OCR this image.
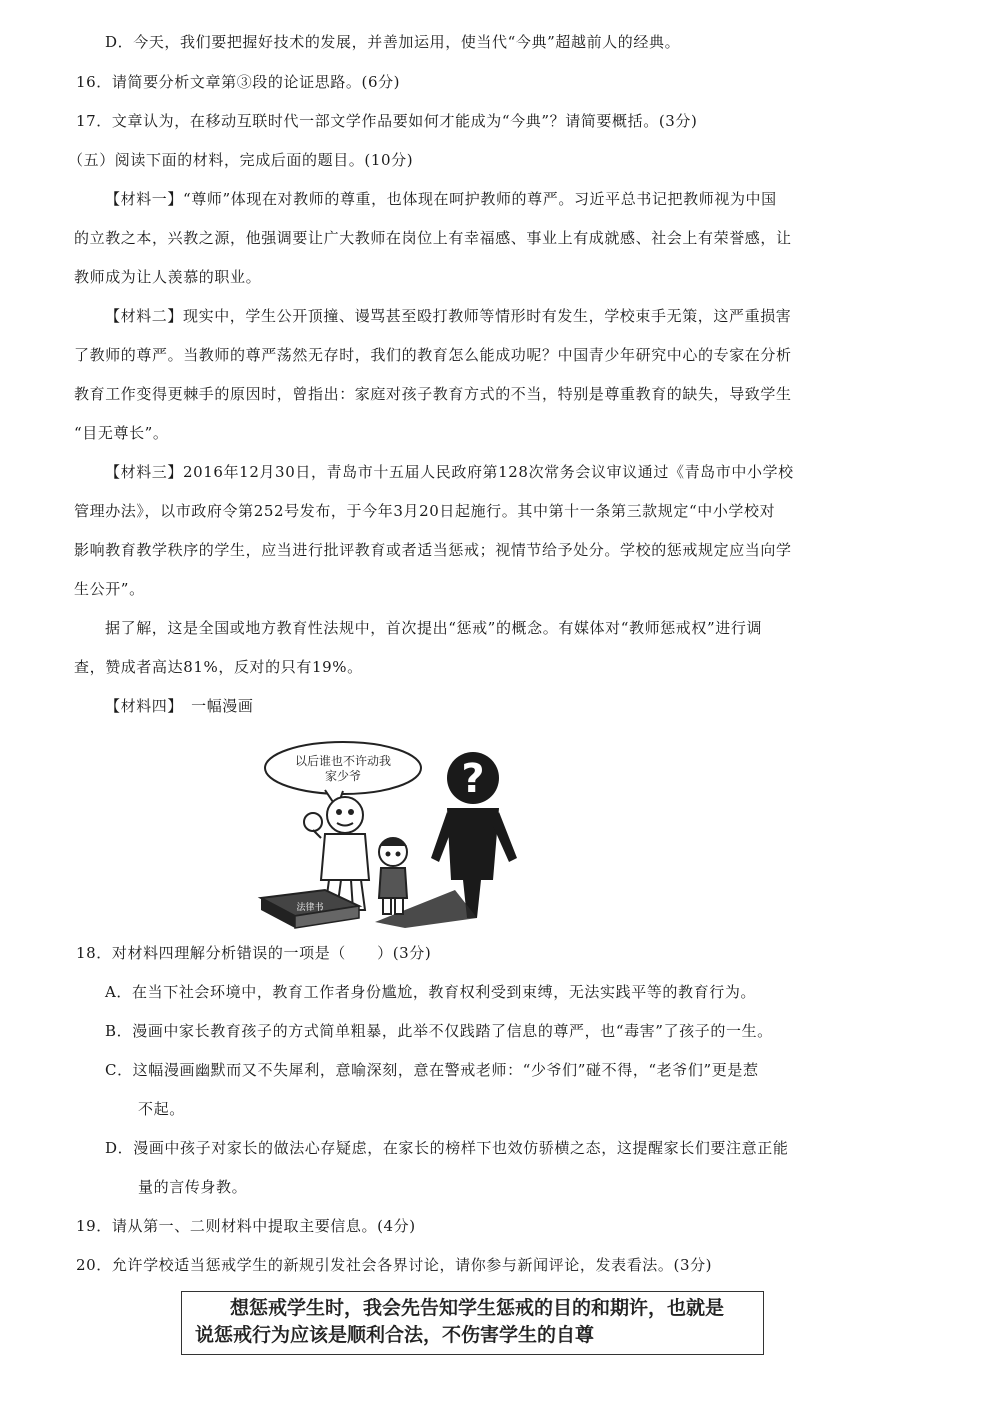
D．今天，我们要把握好技术的发展，并善加运用，使当代“今典”超越前人的经典。
16．请简要分析文章第③段的论证思路。(6分)
17．文章认为，在移动互联时代一部文学作品要如何才能成为“今典”？请简要概括。(3分)
（五）阅读下面的材料，完成后面的题目。(10分)
【材料一】“尊师”体现在对教师的尊重，也体现在呵护教师的尊严。习近平总书记把教师视为中国
的立教之本，兴教之源，他强调要让广大教师在岗位上有幸福感、事业上有成就感、社会上有荣誉感，让
教师成为让人羡慕的职业。
【材料二】现实中，学生公开顶撞、谩骂甚至殴打教师等情形时有发生，学校束手无策，这严重损害
了教师的尊严。当教师的尊严荡然无存时，我们的教育怎么能成功呢？中国青少年研究中心的专家在分析
教育工作变得更棘手的原因时，曾指出：家庭对孩子教育方式的不当，特别是尊重教育的缺失，导致学生
“目无尊长”。
【材料三】2016年12月30日，青岛市十五届人民政府第128次常务会议审议通过《青岛市中小学校
管理办法》，以市政府令第252号发布，于今年3月20日起施行。其中第十一条第三款规定“中小学校对
影响教育教学秩序的学生，应当进行批评教育或者适当惩戒；视情节给予处分。学校的惩戒规定应当向学
生公开”。
据了解，这是全国或地方教育性法规中，首次提出“惩戒”的概念。有媒体对“教师惩戒权”进行调
查，赞成者高达81%，反对的只有19%。
【材料四】　一幅漫画
以后谁也不许动我
家少爷	?
法律书
18．对材料四理解分析错误的一项是（　　）(3分)
A．在当下社会环境中，教育工作者身份尴尬，教育权利受到束缚，无法实践平等的教育行为。
B．漫画中家长教育孩子的方式简单粗暴，此举不仅践踏了信息的尊严，也“毒害”了孩子的一生。
C．这幅漫画幽默而又不失犀利，意喻深刻，意在警戒老师：“少爷们”碰不得，“老爷们”更是惹
不起。
D．漫画中孩子对家长的做法心存疑虑，在家长的榜样下也效仿骄横之态，这提醒家长们要注意正能
量的言传身教。
19．请从第一、二则材料中提取主要信息。(4分)
20．允许学校适当惩戒学生的新规引发社会各界讨论，请你参与新闻评论，发表看法。(3分)
想惩戒学生时，我会先告知学生惩戒的目的和期许，也就是
说惩戒行为应该是顺利合法，不伤害学生的自尊
